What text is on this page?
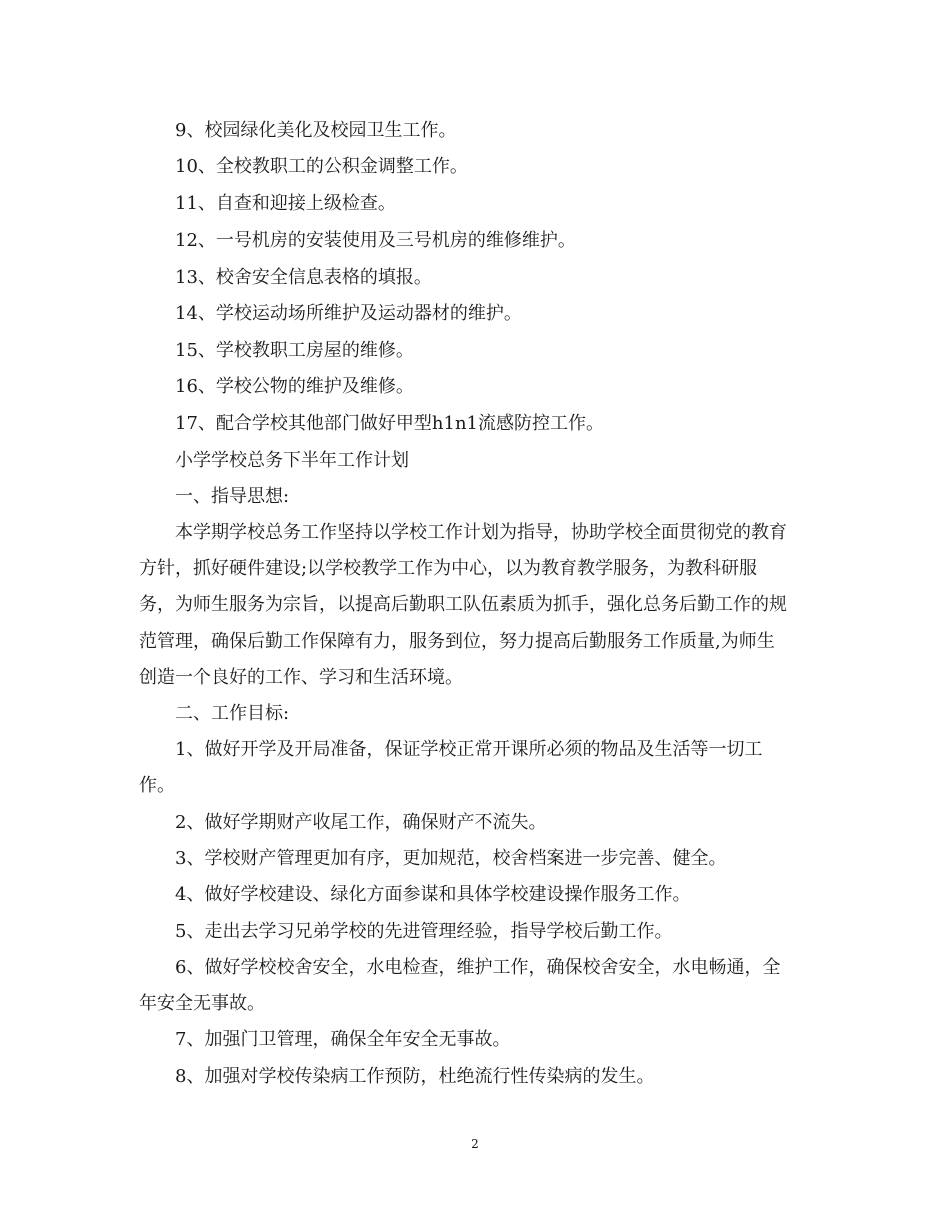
9、校园绿化美化及校园卫生工作。
10、全校教职工的公积金调整工作。
11、自查和迎接上级检查。
12、一号机房的安装使用及三号机房的维修维护。
13、校舍安全信息表格的填报。
14、学校运动场所维护及运动器材的维护。
15、学校教职工房屋的维修。
16、学校公物的维护及维修。
17、配合学校其他部门做好甲型h1n1流感防控工作。
小学学校总务下半年工作计划
一、指导思想:
本学期学校总务工作坚持以学校工作计划为指导，协助学校全面贯彻党的教育
方针，抓好硬件建设;以学校教学工作为中心，以为教育教学服务，为教科研服
务，为师生服务为宗旨，以提高后勤职工队伍素质为抓手，强化总务后勤工作的规
范管理，确保后勤工作保障有力，服务到位，努力提高后勤服务工作质量,为师生
创造一个良好的工作、学习和生活环境。
二、工作目标:
1、做好开学及开局准备，保证学校正常开课所必须的物品及生活等一切工
作。
2、做好学期财产收尾工作，确保财产不流失。
3、学校财产管理更加有序，更加规范，校舍档案进一步完善、健全。
4、做好学校建设、绿化方面参谋和具体学校建设操作服务工作。
5、走出去学习兄弟学校的先进管理经验，指导学校后勤工作。
6、做好学校校舍安全，水电检查，维护工作，确保校舍安全，水电畅通，全
年安全无事故。
7、加强门卫管理，确保全年安全无事故。
8、加强对学校传染病工作预防，杜绝流行性传染病的发生。
2
